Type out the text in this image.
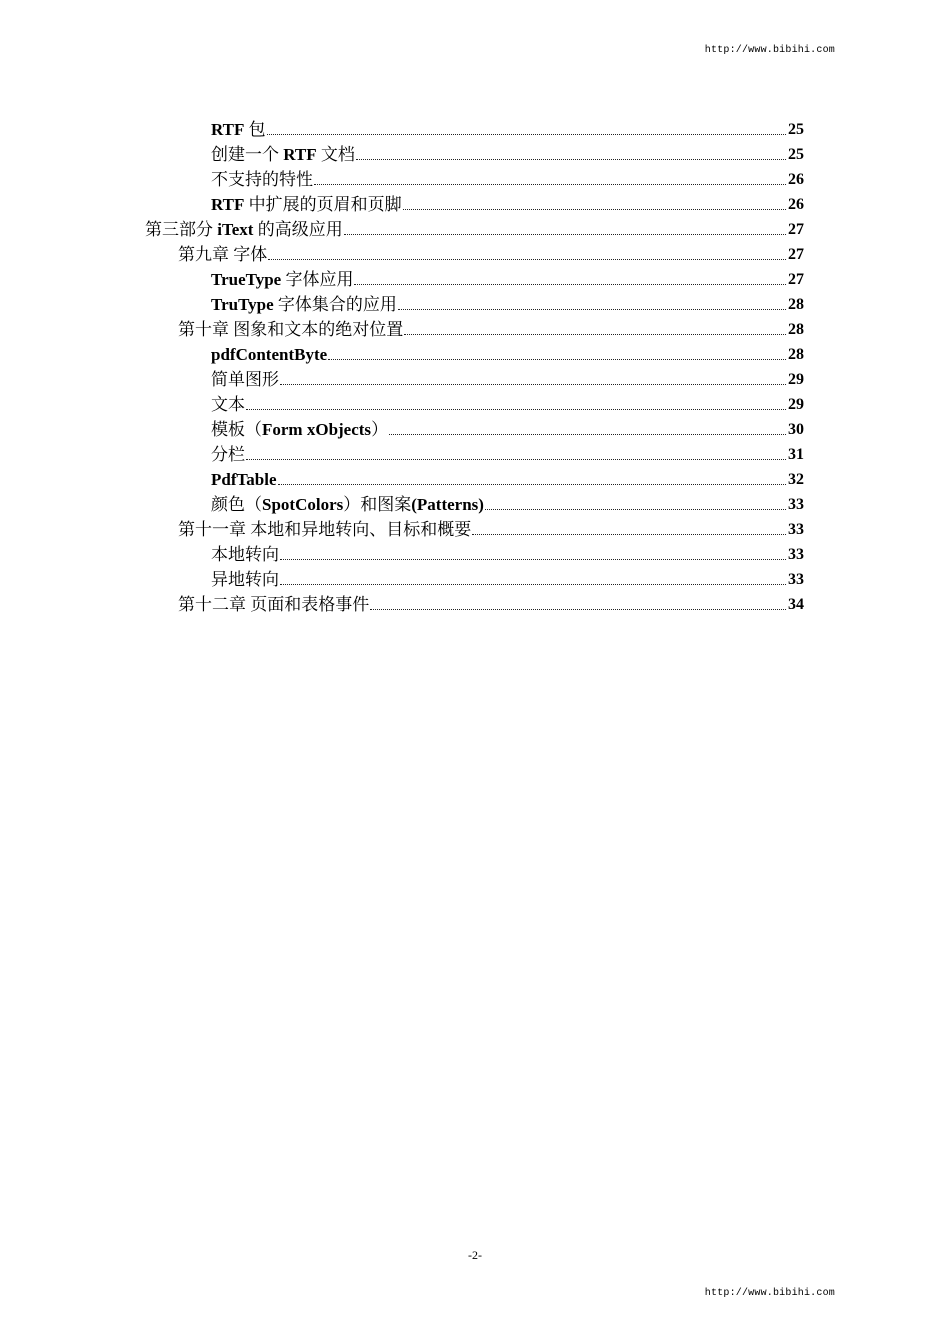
http://www.bibihi.com
RTF 包	25
创建一个 RTF 文档	25
不支持的特性	26
RTF 中扩展的页眉和页脚	26
第三部分 iText 的高级应用	27
第九章 字体	27
TrueType 字体应用	27
TruType 字体集合的应用	28
第十章 图象和文本的绝对位置	28
pdfContentByte	28
简单图形	29
文本	29
模板（Form xObjects）	30
分栏	31
PdfTable	32
颜色（SpotColors）和图案(Patterns)	33
第十一章 本地和异地转向、目标和概要	33
本地转向	33
异地转向	33
第十二章 页面和表格事件	34
-2-
http://www.bibihi.com
